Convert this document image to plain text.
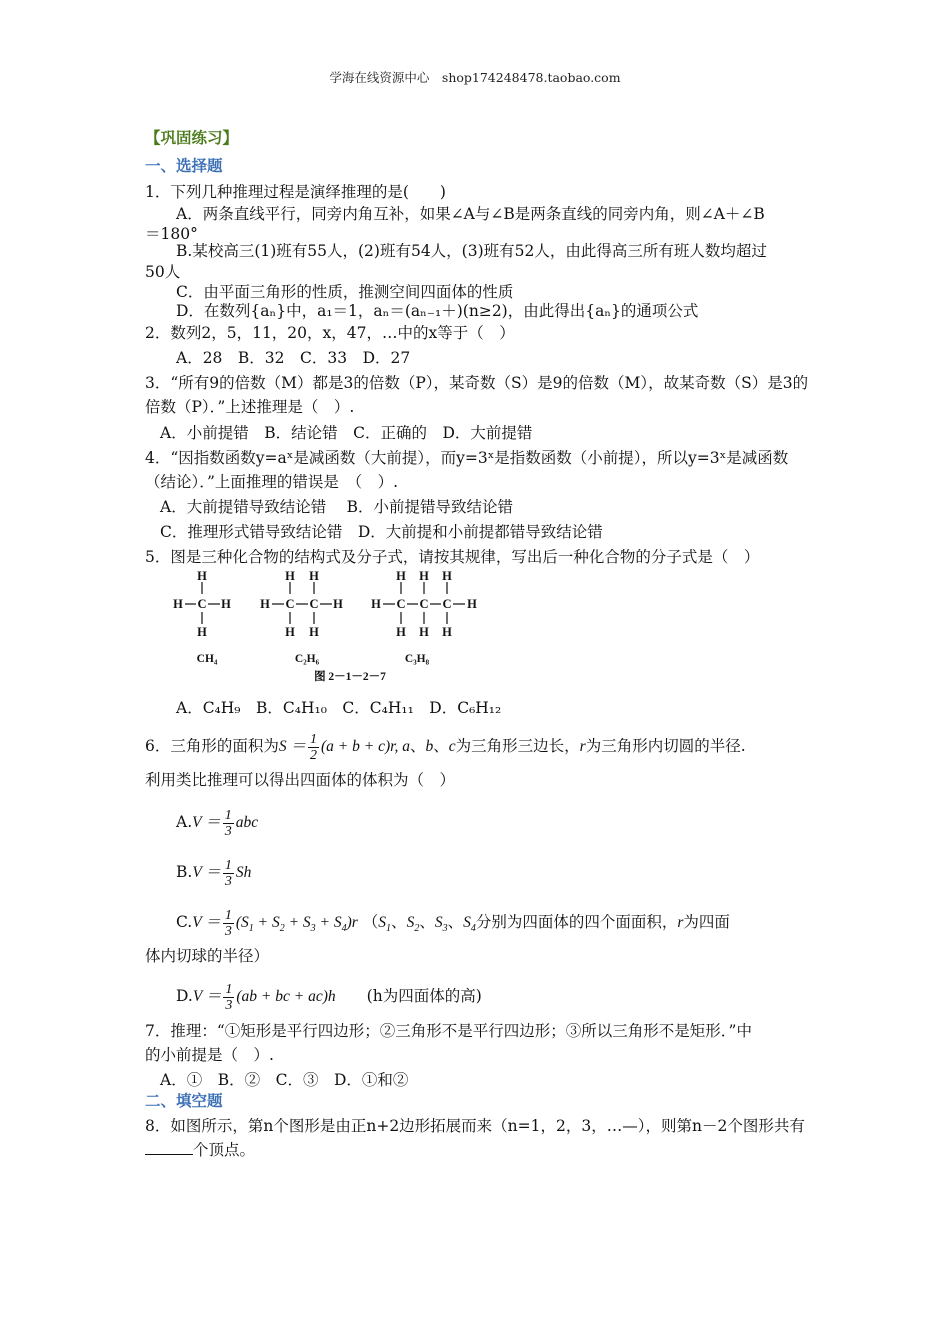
学海在线资源中心　shop174248478.taobao.com
【巩固练习】
一、选择题
1．下列几种推理过程是演绎推理的是(　　)
A．两条直线平行，同旁内角互补，如果∠A与∠B是两条直线的同旁内角，则∠A＋∠B
＝180°
B.某校高三(1)班有55人，(2)班有54人，(3)班有52人，由此得高三所有班人数均超过
50人
C．由平面三角形的性质，推测空间四面体的性质
D．在数列{aₙ}中，a₁＝1，aₙ＝(aₙ₋₁＋)(n≥2)，由此得出{aₙ}的通项公式
2．数列2，5，11，20，x，47，…中的x等于（　）
A．28　B．32　C．33　D．27
3．“所有9的倍数（M）都是3的倍数（P），某奇数（S）是9的倍数（M），故某奇数（S）是3的
倍数（P）．”上述推理是（　）.
A．小前提错　B．结论错　C．正确的　D．大前提错
4．“因指数函数y=aˣ是减函数（大前提），而y=3ˣ是指数函数（小前提），所以y=3ˣ是减函数
（结论）．”上面推理的错误是　（　）.
A．大前提错导致结论错　 B．小前提错导致结论错
C．推理形式错导致结论错　D．大前提和小前提都错导致结论错
5．图是三种化合物的结构式及分子式，请按其规律，写出后一种化合物的分子式是（　）
H
C
H
H	H
H H
C C
H H
H	H
H H H
C C C
H H H
H	H
CH₄	C₂H₆	C₃H₈
图 2－1－2－7
A．C₄H₉　B．C₄H₁₀　C．C₄H₁₁　D．C₆H₁₂
6．三角形的面积为$S = \frac{1}{2} (a + b + c)r$, a、b、c为三角形三边长，r为三角形内切圆的半径.
利用类比推理可以得出四面体的体积为（　）
$A.V = \frac{1}{3}$ abc
$B.V = \frac{1}{3}$ Sh
$C.V = \frac{1}{3} (S_1 + S_2 + S_3 + S_4)r$ （$S_1$、$S_2$、$S_3$、$S_4$分别为四面体的四个面面积，r为四面
体内切球的半径）
$D.V = \frac{1}{3} (ab$ + bc + ac)h　　 (h为四面体的高)
7．推理：“①矩形是平行四边形；②三角形不是平行四边形；③所以三角形不是矩形．”中
的小前提是（　）.
A．①　B．②　C．③　D．①和②
二、填空题
8．如图所示，第n个图形是由正n+2边形拓展而来（n=1，2，3，…—），则第n－2个图形共有
个顶点。
